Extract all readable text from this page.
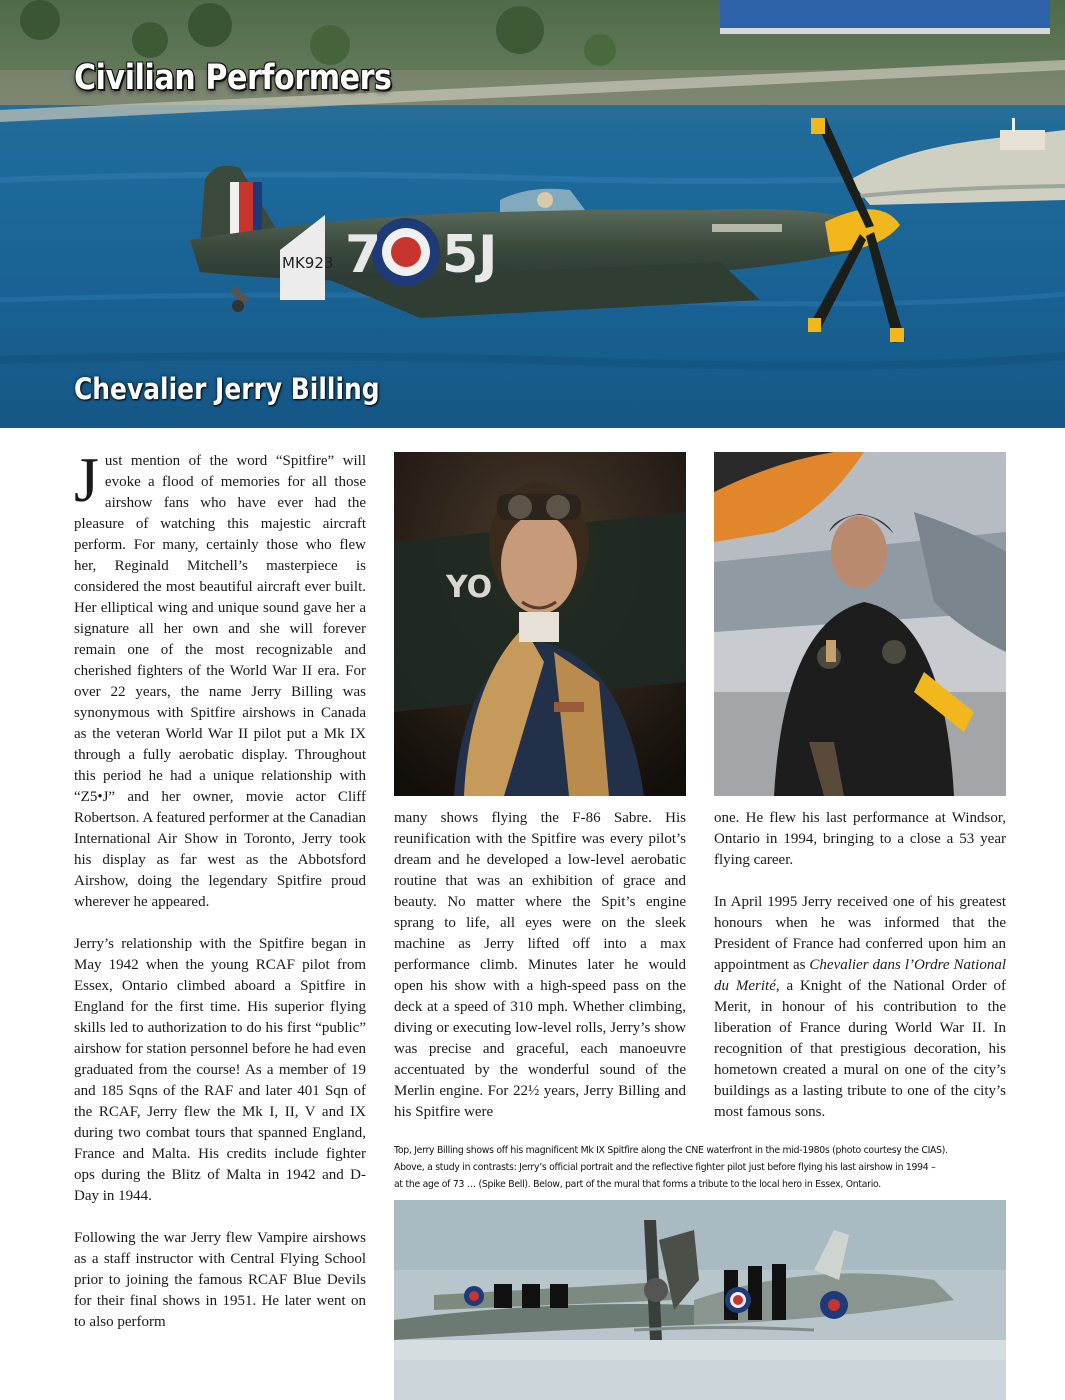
7 5J
MK923
Civilian Performers
Chevalier Jerry Billing

Just mention of the word “Spitfire” will evoke a flood of memories for all those airshow fans who have ever had the pleasure of watching this majestic aircraft perform. For many, certainly those who flew her, Reginald Mitchell’s masterpiece is considered the most beautiful aircraft ever built. Her elliptical wing and unique sound gave her a signature all her own and she will forever remain one of the most recognizable and cherished fighters of the World War II era. For over 22 years, the name Jerry Billing was synonymous with Spitfire airshows in Canada as the veteran World War II pilot put a Mk IX through a fully aerobatic display. Throughout this period he had a unique relationship with “Z5•J” and her owner, movie actor Cliff Robertson. A featured performer at the Canadian International Air Show in Toronto, Jerry took his display as far west as the Abbotsford Airshow, doing the legendary Spitfire proud wherever he appeared.

Jerry’s relationship with the Spitfire began in May 1942 when the young RCAF pilot from Essex, Ontario climbed aboard a Spitfire in England for the first time. His superior flying skills led to authorization to do his first “public” airshow for station personnel before he had even graduated from the course! As a member of 19 and 185 Sqns of the RAF and later 401 Sqn of the RCAF, Jerry flew the Mk I, II, V and IX during two combat tours that spanned England, France and Malta. His credits include fighter ops during the Blitz of Malta in 1942 and D-Day in 1944.

Following the war Jerry flew Vampire airshows as a staff instructor with Central Flying School prior to joining the famous RCAF Blue Devils for their final shows in 1951. He later went on to also perform

YO

many shows flying the F-86 Sabre. His reunification with the Spitfire was every pilot’s dream and he developed a low-level aerobatic routine that was an exhibition of grace and beauty. No matter where the Spit’s engine sprang to life, all eyes were on the sleek machine as Jerry lifted off into a max performance climb. Minutes later he would open his show with a high-speed pass on the deck at a speed of 310 mph. Whether climbing, diving or executing low-level rolls, Jerry’s show was precise and graceful, each manoeuvre accentuated by the wonderful sound of the Merlin engine. For 22½ years, Jerry Billing and his Spitfire were

one. He flew his last performance at Windsor, Ontario in 1994, bringing to a close a 53 year flying career.

In April 1995 Jerry received one of his greatest honours when he was informed that the President of France had conferred upon him an appointment as Chevalier dans l’Ordre National du Merité, a Knight of the National Order of Merit, in honour of his contribution to the liberation of France during World War II. In recognition of that prestigious decoration, his hometown created a mural on one of the city’s buildings as a lasting tribute to one of the city’s most famous sons.

Top, Jerry Billing shows off his magnificent Mk IX Spitfire along the CNE waterfront in the mid-1980s (photo courtesy the CIAS).
Above, a study in contrasts: Jerry’s official portrait and the reflective fighter pilot just before flying his last airshow in 1994 –
at the age of 73 … (Spike Bell). Below, part of the mural that forms a tribute to the local hero in Essex, Ontario.
